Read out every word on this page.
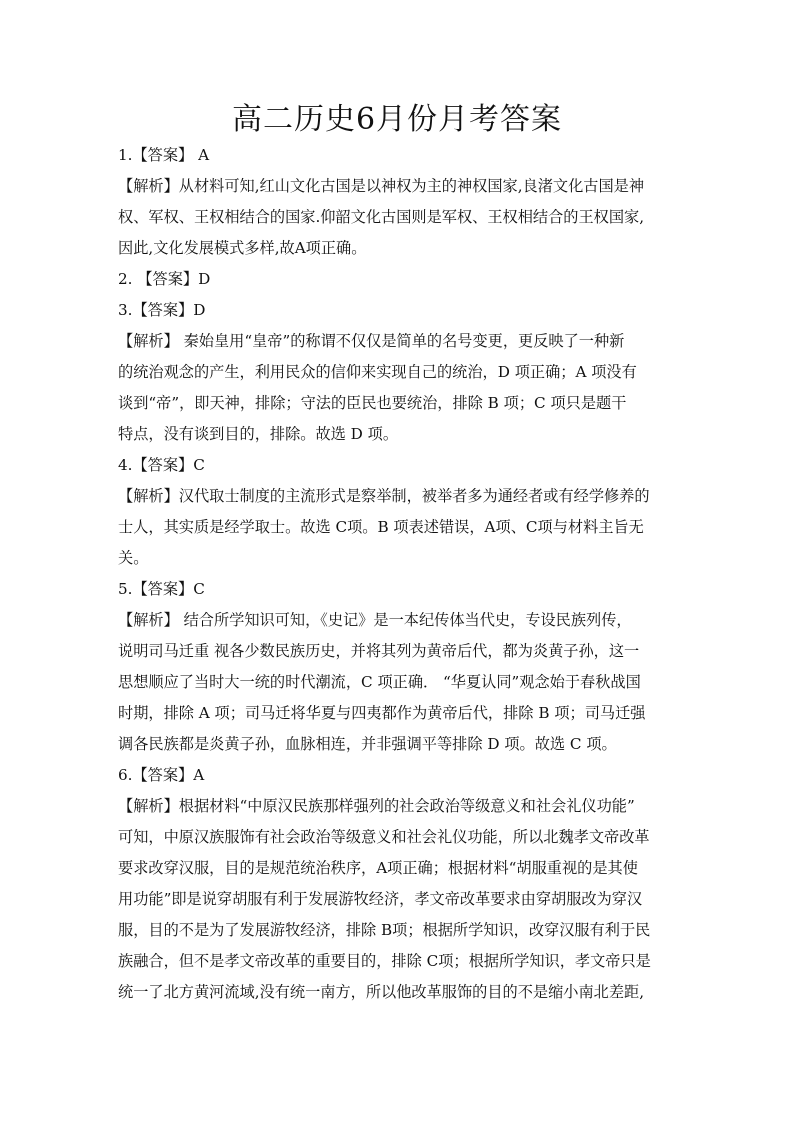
高二历史6月份月考答案
1.【答案】 A
【解析】从材料可知,红山文化古国是以神权为主的神权国家,良渚文化古国是神
权、军权、王权相结合的国家.仰韶文化古国则是军权、王权相结合的王权国家,
因此,文化发展模式多样,故A项正确。
2. 【答案】D
3.【答案】D
【解析】 秦始皇用“皇帝”的称谓不仅仅是简单的名号变更，更反映了一种新
的统治观念的产生，利用民众的信仰来实现自己的统治，D 项正确；A 项没有
谈到“帝”，即天神，排除；守法的臣民也要统治，排除 B 项；C 项只是题干
特点，没有谈到目的，排除。故选 D 项。
4.【答案】C
【解析】汉代取士制度的主流形式是察举制，被举者多为通经者或有经学修养的
士人，其实质是经学取士。故选 C项。B 项表述错误，A项、C项与材料主旨无
关。
5.【答案】C
【解析】 结合所学知识可知，《史记》是一本纪传体当代史，专设民族列传，
说明司马迁重 视各少数民族历史，并将其列为黄帝后代，都为炎黄子孙，这一
思想顺应了当时大一统的时代潮流，C 项正确． “华夏认同”观念始于春秋战国
时期，排除 A 项；司马迁将华夏与四夷都作为黄帝后代，排除 B 项；司马迁强
调各民族都是炎黄子孙，血脉相连，并非强调平等排除 D 项。故选 C 项。
6.【答案】A
【解析】根据材料“中原汉民族那样强列的社会政治等级意义和社会礼仪功能”
可知，中原汉族服饰有社会政治等级意义和社会礼仪功能，所以北魏孝文帝改革
要求改穿汉服，目的是规范统治秩序，A项正确；根据材料“胡服重视的是其使
用功能”即是说穿胡服有利于发展游牧经济，孝文帝改革要求由穿胡服改为穿汉
服，目的不是为了发展游牧经济，排除 B项；根据所学知识，改穿汉服有利于民
族融合，但不是孝文帝改革的重要目的，排除 C项；根据所学知识，孝文帝只是
统一了北方黄河流域,没有统一南方，所以他改革服饰的目的不是缩小南北差距,
